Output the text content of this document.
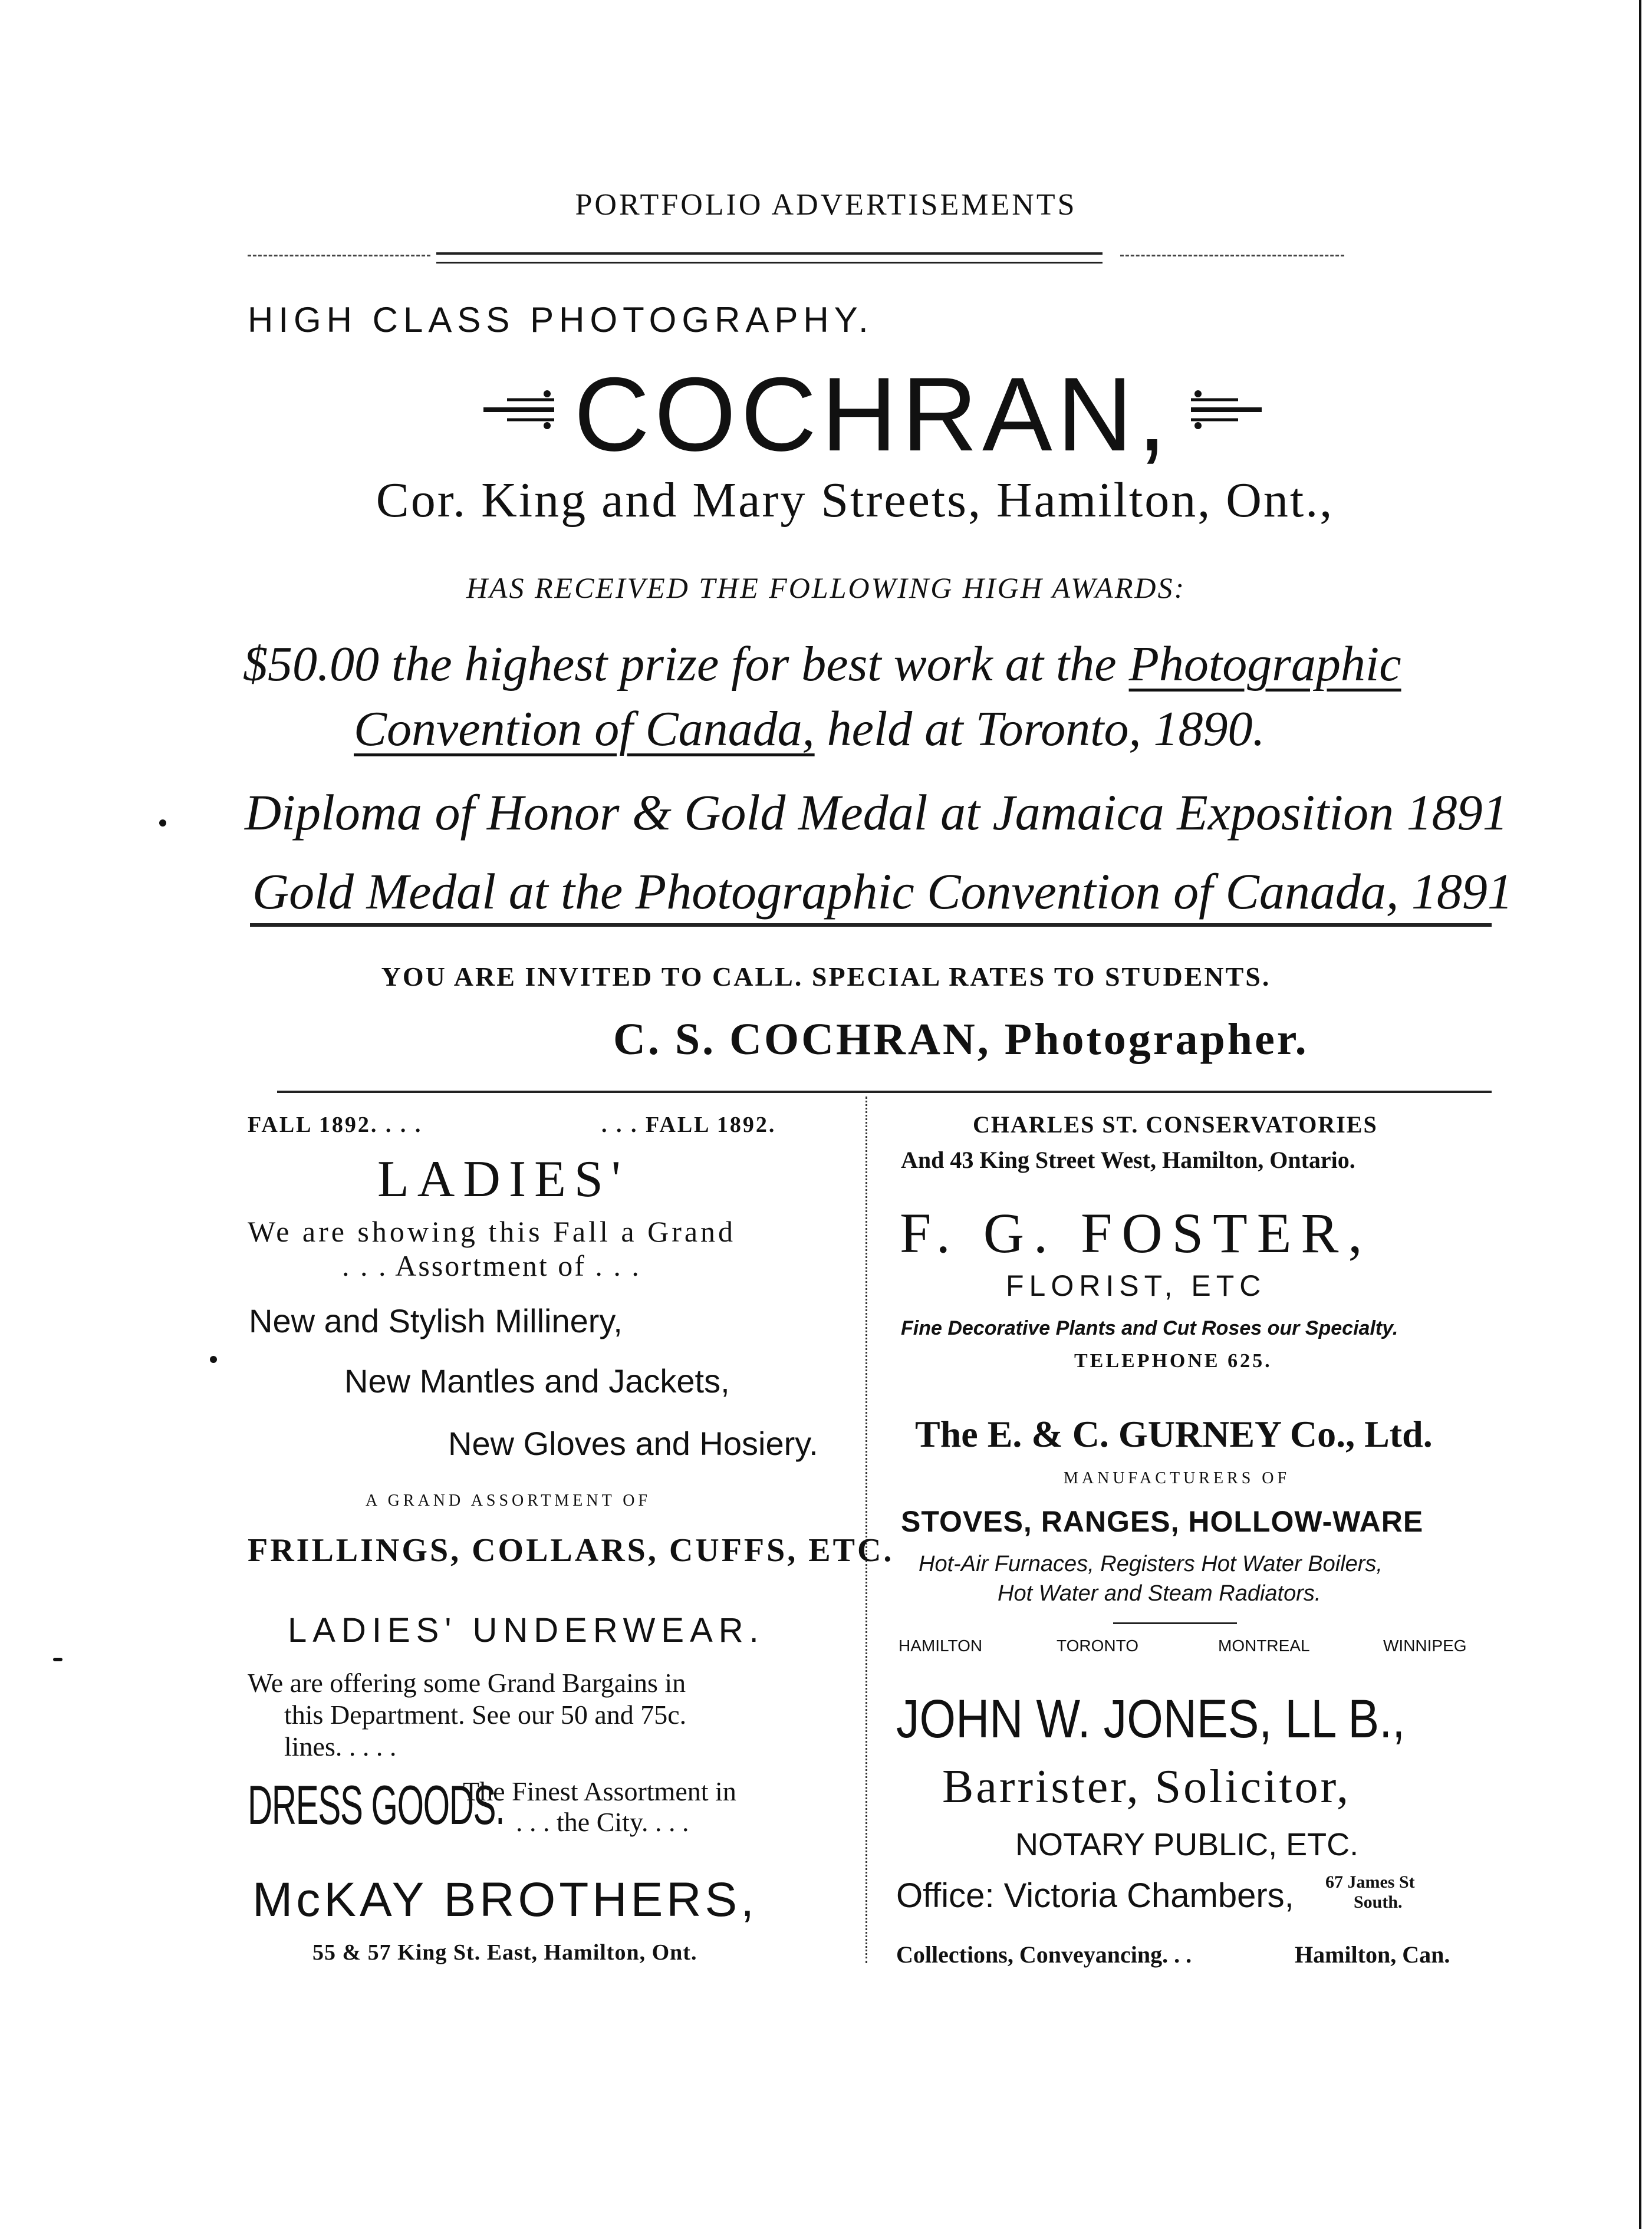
PORTFOLIO ADVERTISEMENTS
HIGH CLASS PHOTOGRAPHY.
COCHRAN,
Cor. King and Mary Streets, Hamilton, Ont.,
HAS RECEIVED THE FOLLOWING HIGH AWARDS:
$50.00 the highest prize for best work at the Photographic
Convention of Canada, held at Toronto, 1890.
Diploma of Honor & Gold Medal at Jamaica Exposition 1891
Gold Medal at the Photographic Convention of Canada, 1891
YOU ARE INVITED TO CALL. SPECIAL RATES TO STUDENTS.
C. S. COCHRAN, Photographer.
FALL 1892. . . .	. . . FALL 1892.
LADIES'
We are showing this Fall a Grand
. . . Assortment of . . .
New and Stylish Millinery,
New Mantles and Jackets,
New Gloves and Hosiery.
A GRAND ASSORTMENT OF
FRILLINGS, COLLARS, CUFFS, ETC.
LADIES' UNDERWEAR.
We are offering some Grand Bargains in
this Department. See our 50 and 75c.
lines. . . . .
DRESS GOODS.
The Finest Assortment in
. . . the City. . . .
McKAY BROTHERS,
55 & 57 King St. East, Hamilton, Ont.
CHARLES ST. CONSERVATORIES
And 43 King Street West, Hamilton, Ontario.
F. G. FOSTER,
FLORIST, ETC
Fine Decorative Plants and Cut Roses our Specialty.
TELEPHONE 625.
The E. & C. GURNEY Co., Ltd.
MANUFACTURERS OF
STOVES, RANGES, HOLLOW-WARE
Hot-Air Furnaces, Registers Hot Water Boilers,
Hot Water and Steam Radiators.
HAMILTON	TORONTO	MONTREAL	WINNIPEG
JOHN W. JONES, LL B.,
Barrister, Solicitor,
NOTARY PUBLIC, ETC.
Office: Victoria Chambers, 67 James St
South.
Collections, Conveyancing. . .	Hamilton, Can.
